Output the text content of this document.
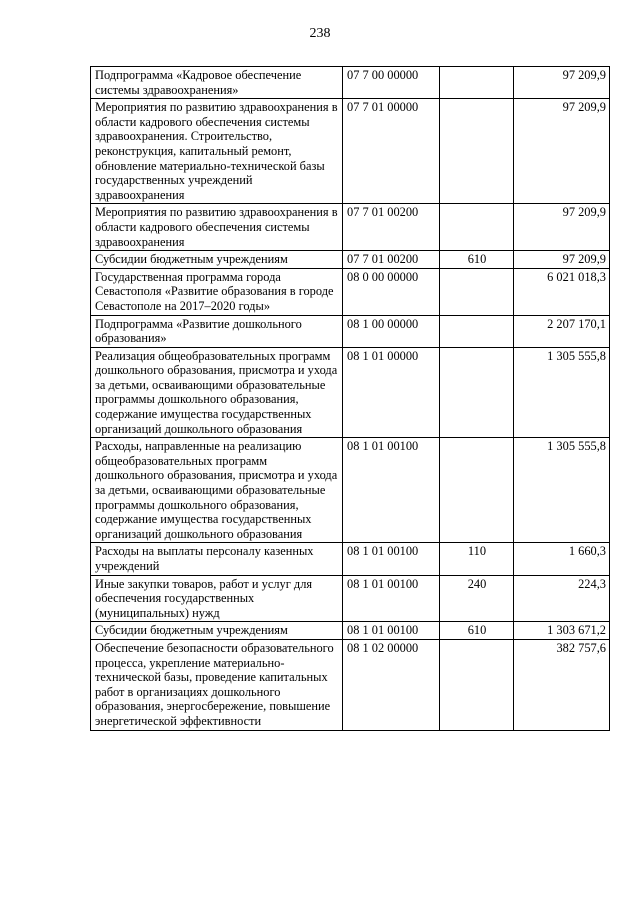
238
Подпрограмма «Кадровое обеспечение системы здравоохранения»	07 7 00 00000		97 209,9
Мероприятия по развитию здравоохранения в области кадрового обеспечения системы здравоохранения. Строительство, реконструкция, капитальный ремонт, обновление материально-технической базы государственных учреждений здравоохранения	07 7 01 00000		97 209,9
Мероприятия по развитию здравоохранения в области кадрового обеспечения системы здравоохранения	07 7 01 00200		97 209,9
Субсидии бюджетным учреждениям	07 7 01 00200	610	97 209,9
Государственная программа города Севастополя «Развитие образования в городе Севастополе на 2017–2020 годы»	08 0 00 00000		6 021 018,3
Подпрограмма «Развитие дошкольного образования»	08 1 00 00000		2 207 170,1
Реализация общеобразовательных программ дошкольного образования, присмотра и ухода за детьми, осваивающими образовательные программы дошкольного образования, содержание имущества государственных организаций дошкольного образования	08 1 01 00000		1 305 555,8
Расходы, направленные на реализацию общеобразовательных программ дошкольного образования, присмотра и ухода за детьми, осваивающими образовательные программы дошкольного образования, содержание имущества государственных организаций дошкольного образования	08 1 01 00100		1 305 555,8
Расходы на выплаты персоналу казенных учреждений	08 1 01 00100	110	1 660,3
Иные закупки товаров, работ и услуг для обеспечения государственных (муниципальных) нужд	08 1 01 00100	240	224,3
Субсидии бюджетным учреждениям	08 1 01 00100	610	1 303 671,2
Обеспечение безопасности образовательного процесса, укрепление материально-технической базы, проведение капитальных работ в организациях дошкольного образования, энергосбережение, повышение энергетической эффективности	08 1 02 00000		382 757,6
